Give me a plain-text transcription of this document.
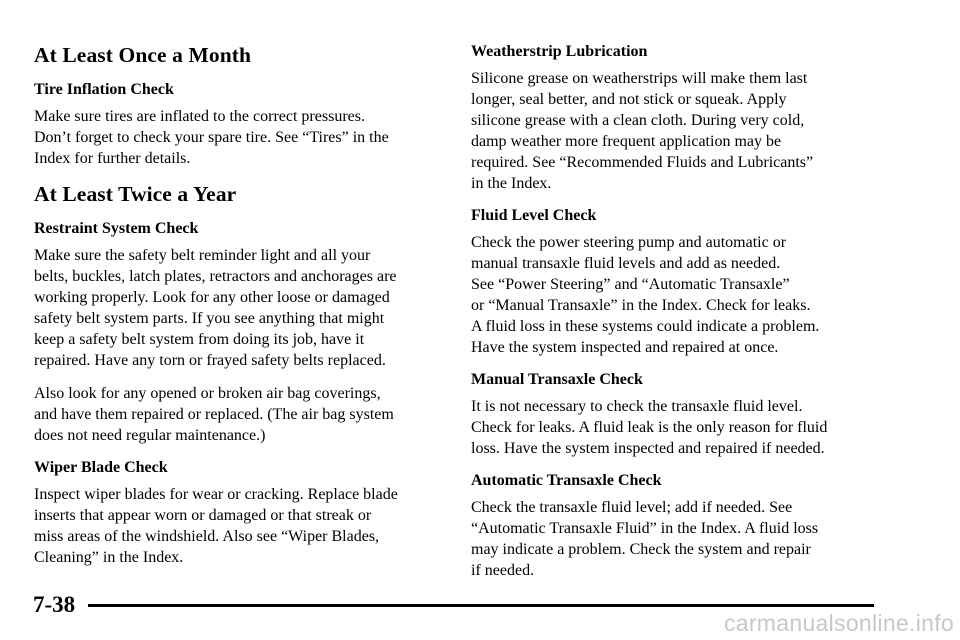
At Least Once a Month
Tire Inflation Check

Make sure tires are inflated to the correct pressures.
Don’t forget to check your spare tire. See “Tires” in the
Index for further details.

At Least Twice a Year
Restraint System Check

Make sure the safety belt reminder light and all your
belts, buckles, latch plates, retractors and anchorages are
working properly. Look for any other loose or damaged
safety belt system parts. If you see anything that might
keep a safety belt system from doing its job, have it
repaired. Have any torn or frayed safety belts replaced.

Also look for any opened or broken air bag coverings,
and have them repaired or replaced. (The air bag system
does not need regular maintenance.)

Wiper Blade Check

Inspect wiper blades for wear or cracking. Replace blade
inserts that appear worn or damaged or that streak or
miss areas of the windshield. Also see “Wiper Blades,
Cleaning” in the Index.

Weatherstrip Lubrication

Silicone grease on weatherstrips will make them last
longer, seal better, and not stick or squeak. Apply
silicone grease with a clean cloth. During very cold,
damp weather more frequent application may be
required. See “Recommended Fluids and Lubricants”
in the Index.

Fluid Level Check

Check the power steering pump and automatic or
manual transaxle fluid levels and add as needed.
See “Power Steering” and “Automatic Transaxle”
or “Manual Transaxle” in the Index. Check for leaks.
A fluid loss in these systems could indicate a problem.
Have the system inspected and repaired at once.

Manual Transaxle Check

It is not necessary to check the transaxle fluid level.
Check for leaks. A fluid leak is the only reason for fluid
loss. Have the system inspected and repaired if needed.

Automatic Transaxle Check

Check the transaxle fluid level; add if needed. See
“Automatic Transaxle Fluid” in the Index. A fluid loss
may indicate a problem. Check the system and repair
if needed.

7-38
carmanualsonline.info
